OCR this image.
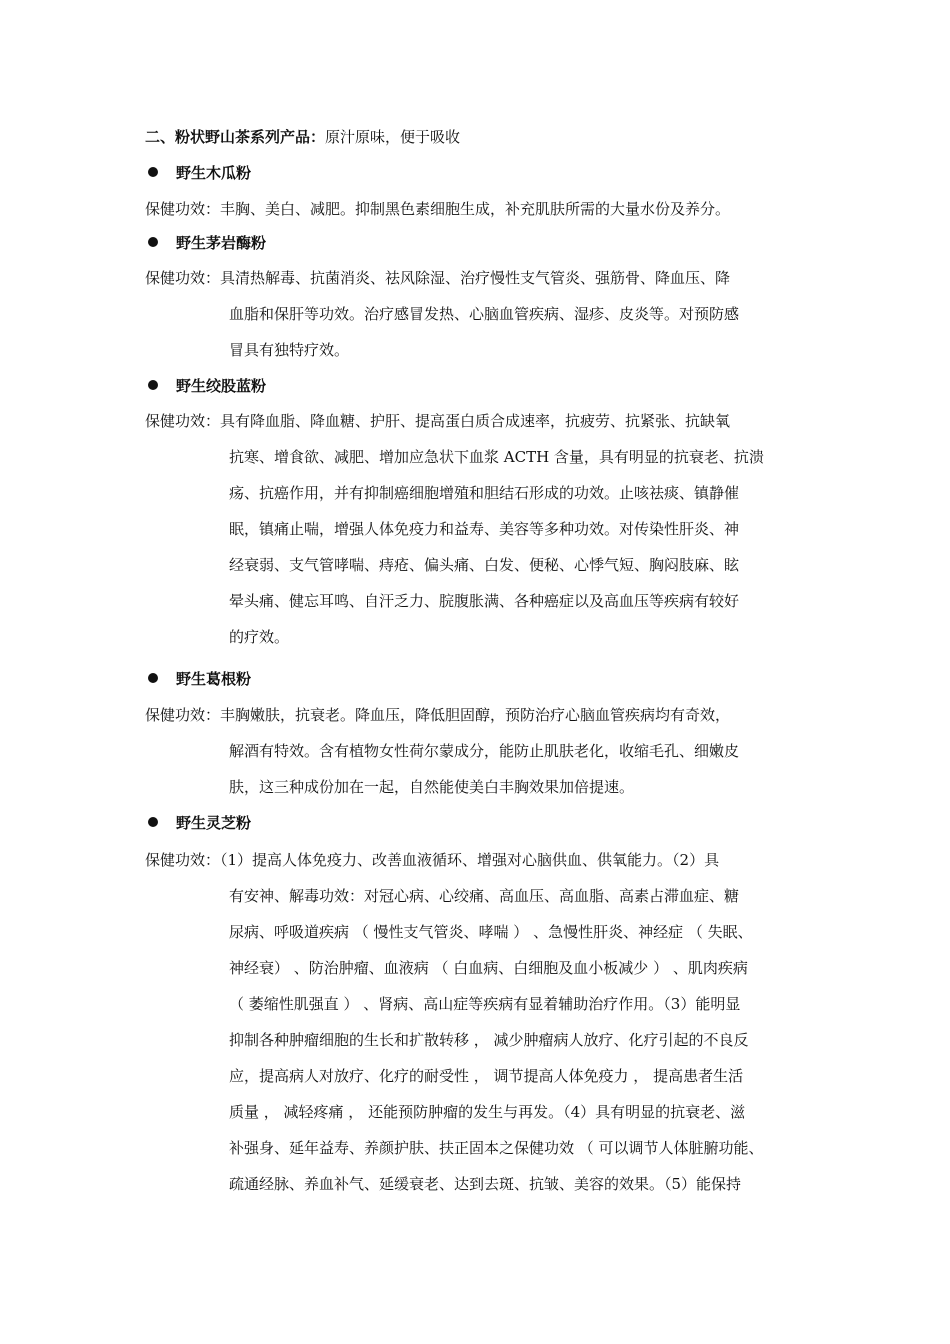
二、粉状野山茶系列产品：原汁原味，便于吸收
野生木瓜粉
保健功效：丰胸、美白、减肥。抑制黑色素细胞生成，补充肌肤所需的大量水份及养分。
野生茅岩酶粉
保健功效：具清热解毒、抗菌消炎、祛风除湿、治疗慢性支气管炎、强筋骨、降血压、降
血脂和保肝等功效。治疗感冒发热、心脑血管疾病、湿疹、皮炎等。对预防感
冒具有独特疗效。
野生绞股蓝粉
保健功效：具有降血脂、降血糖、护肝、提高蛋白质合成速率，抗疲劳、抗紧张、抗缺氧
抗寒、增食欲、减肥、增加应急状下血浆 ACTH 含量，具有明显的抗衰老、抗溃
疡、抗癌作用，并有抑制癌细胞增殖和胆结石形成的功效。止咳祛痰、镇静催
眠，镇痛止喘，增强人体免疫力和益寿、美容等多种功效。对传染性肝炎、神
经衰弱、支气管哮喘、痔疮、偏头痛、白发、便秘、心悸气短、胸闷肢麻、眩
晕头痛、健忘耳鸣、自汗乏力、脘腹胀满、各种癌症以及高血压等疾病有较好
的疗效。
野生葛根粉
保健功效：丰胸嫩肤，抗衰老。降血压，降低胆固醇，预防治疗心脑血管疾病均有奇效，
解酒有特效。含有植物女性荷尔蒙成分，能防止肌肤老化，收缩毛孔、细嫩皮
肤，这三种成份加在一起，自然能使美白丰胸效果加倍提速。
野生灵芝粉
保健功效：（1）提高人体免疫力、改善血液循环、增强对心脑供血、供氧能力。（2）具
有安神、解毒功效：对冠心病、心绞痛、高血压、高血脂、高素占滞血症、糖
尿病、呼吸道疾病 （ 慢性支气管炎、哮喘 ） 、急慢性肝炎、神经症 （ 失眠、
神经衰） 、防治肿瘤、血液病 （ 白血病、白细胞及血小板减少 ） 、肌肉疾病
（ 萎缩性肌强直 ） 、肾病、高山症等疾病有显着辅助治疗作用。（3）能明显
抑制各种肿瘤细胞的生长和扩散转移 ， 减少肿瘤病人放疗、化疗引起的不良反
应，提高病人对放疗、化疗的耐受性 ， 调节提高人体免疫力 ， 提高患者生活
质量 ， 减轻疼痛 ， 还能预防肿瘤的发生与再发。（4）具有明显的抗衰老、滋
补强身、延年益寿、养颜护肤、扶正固本之保健功效 （ 可以调节人体脏腑功能、
疏通经脉、养血补气、延缓衰老、达到去斑、抗皱、美容的效果。（5）能保持
